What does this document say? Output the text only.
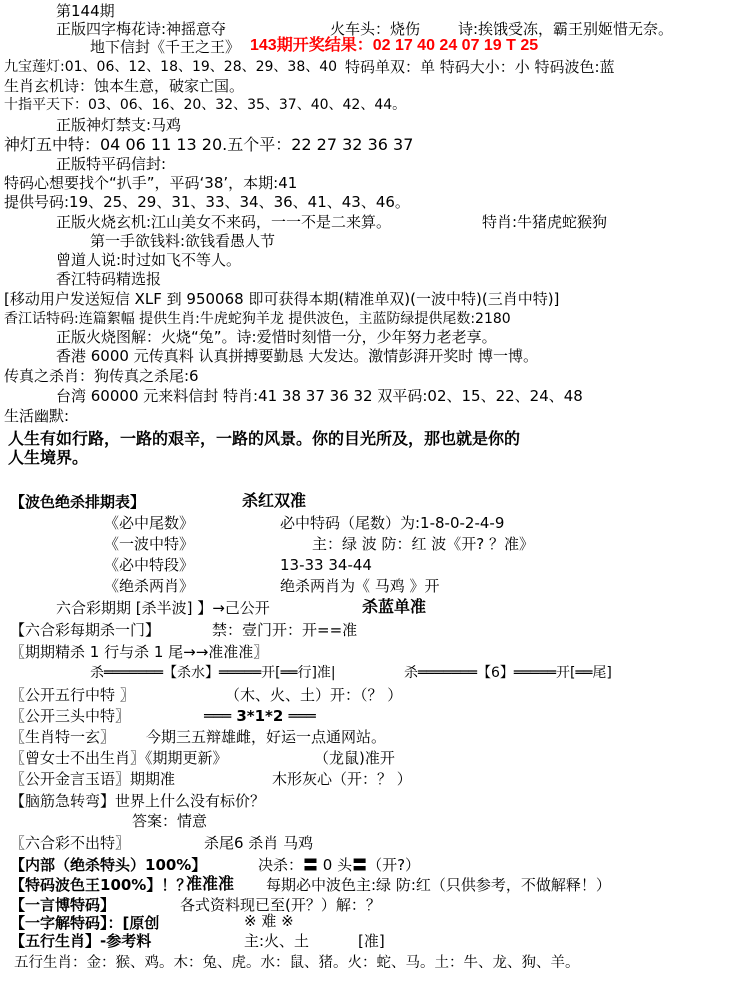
第144期
正版四字梅花诗:神摇意夺	火车头：烧伤	诗:挨饿受冻，霸王别姬惜无奈。
地下信封《千王之王》 143期开奖结果：02 17 40 24 07 19 T 25
九宝莲灯:01、06、12、18、19、28、29、38、40 特码单双：单 特码大小：小 特码波色:蓝
生肖玄机诗：蚀本生意，破家亡国。
十指平天下：03、06、16、20、32、35、37、40、42、44。
正版神灯禁支:马鸡
神灯五中特：04 06 11 13 20.五个平：22 27 32 36 37
正版特平码信封:
特码心想要找个“扒手”，平码‘38’，本期:41
提供号码:19、25、29、31、33、34、36、41、43、46。
正版火烧玄机:江山美女不来码，一一不是二来算。	特肖:牛猪虎蛇猴狗
第一手欲钱料:欲钱看愚人节
曾道人说:时过如飞不等人。
香江特码精选报
[移动用户发送短信 XLF 到 950068 即可获得本期(精准单双)(一波中特)(三肖中特)]
香江话特码:连篇絮幅 提供生肖:牛虎蛇狗羊龙 提供波色，主蓝防绿提供尾数:2180
正版火烧图解：火烧“兔”。诗:爱惜时刻惜一分，少年努力老老享。
香港 6000 元传真料 认真拼搏要勤恳 大发达。激情彭湃开奖时 博一博。
传真之杀肖：狗传真之杀尾:6
台湾 60000 元来料信封 特肖:41 38 37 36 32 双平码:02、15、22、24、48
生活幽默:
人生有如行路，一路的艰辛，一路的风景。你的目光所及，那也就是你的
人生境界。
【波色绝杀排期表】	杀红双准
《必中尾数》	必中特码（尾数）为:1-8-0-2-4-9
《一波中特》	主：绿 波 防：红 波《开? ？准》
《必中特段》	13-33 34-44
《绝杀两肖》	绝杀两肖为《 马鸡 》开
六合彩期期 [杀半波] 】→己公开	杀蓝单准
【六合彩每期杀一门】	禁：壹门开：开==准
〖期期精杀 1 行与杀 1 尾→→准准准〗
杀═══════【杀水】═════开[══行]准|	杀═══════【6】═════开[══尾]
〖公开五行中特 〗	（木、火、土）开：（？ ）
〖公开三头中特〗	═══ 3*1*2 ═══
〖生肖特一玄〗 今期三五辩雄雌，好运一点通网站。
〖曾女士不出生肖〗《期期更新》	（龙鼠)准开
〖公开金言玉语〗期期准	木形灰心（开：？ ）
【脑筋急转弯】世界上什么没有标价？
答案：情意
〖六合彩不出特〗	杀尾6 杀肖 马鸡
【内部（绝杀特头）100%】	决杀：〓 0 头〓（开?）
【特码波色王100%】！？
准准准 每期必中波色主:绿 防:红（只供参考，不做解释！）
【一言博特码】	各式资料现已至(开？）解：？
【一字解特码】：[原创	※ 难 ※
【五行生肖】-参考料	主:火、土	[准]
五行生肖：金：猴、鸡。木：兔、虎。水：鼠、猪。火：蛇、马。土：牛、龙、狗、羊。
